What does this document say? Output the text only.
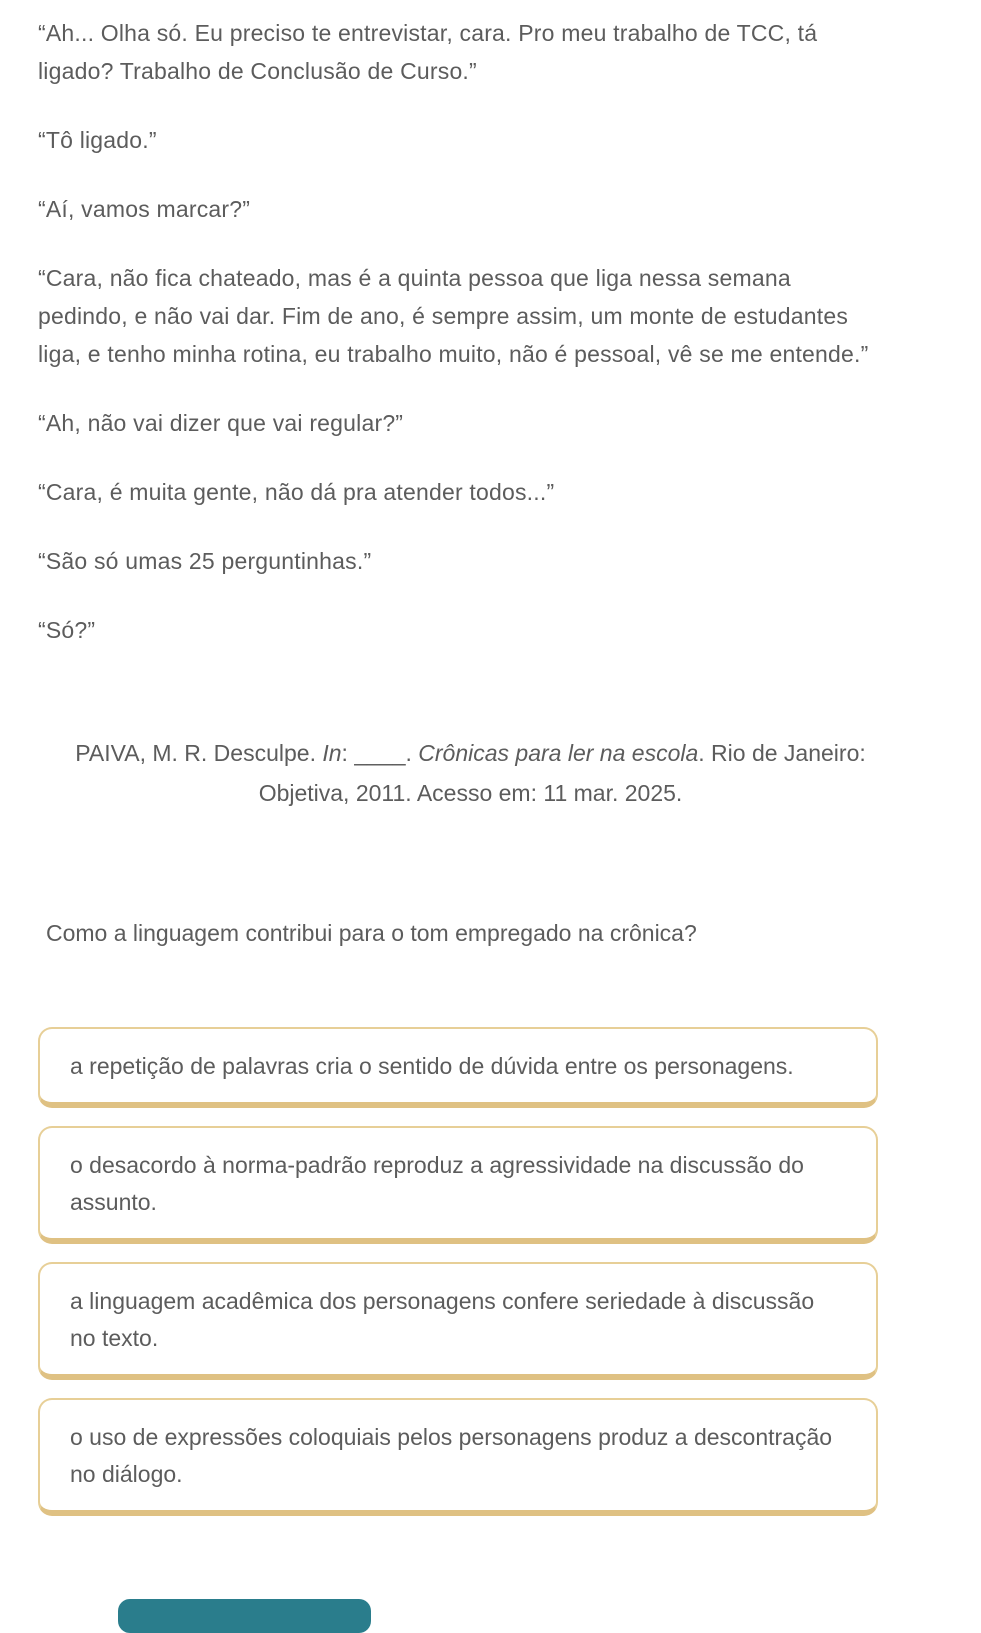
“Ah... Olha só. Eu preciso te entrevistar, cara. Pro meu trabalho de TCC, tá ligado? Trabalho de Conclusão de Curso.”

“Tô ligado.”

“Aí, vamos marcar?”

“Cara, não fica chateado, mas é a quinta pessoa que liga nessa semana pedindo, e não vai dar. Fim de ano, é sempre assim, um monte de estudantes liga, e tenho minha rotina, eu trabalho muito, não é pessoal, vê se me entende.”

“Ah, não vai dizer que vai regular?”

“Cara, é muita gente, não dá pra atender todos...”

“São só umas 25 perguntinhas.”

“Só?”

PAIVA, M. R. Desculpe. In: ____. Crônicas para ler na escola. Rio de Janeiro: Objetiva, 2011. Acesso em: 11 mar. 2025.

Como a linguagem contribui para o tom empregado na crônica?

a repetição de palavras cria o sentido de dúvida entre os personagens.
o desacordo à norma-padrão reproduz a agressividade na discussão do assunto.
a linguagem acadêmica dos personagens confere seriedade à discussão no texto.
o uso de expressões coloquiais pelos personagens produz a descontração no diálogo.
